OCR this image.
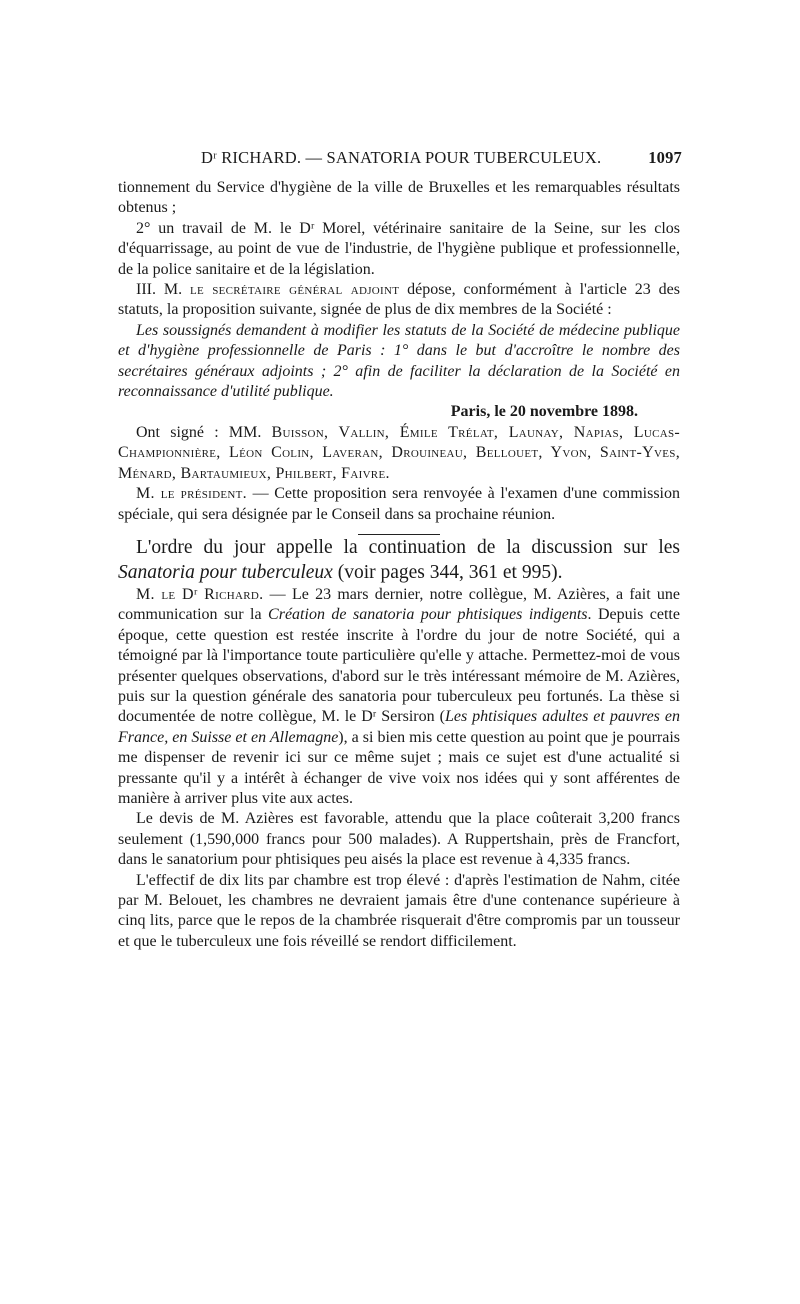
Dʳ RICHARD. — SANATORIA POUR TUBERCULEUX.	1097

tionnement du Service d'hygiène de la ville de Bruxelles et les remarquables résultats obtenus ;

2° un travail de M. le Dʳ Morel, vétérinaire sanitaire de la Seine, sur les clos d'équarrissage, au point de vue de l'industrie, de l'hygiène publique et professionnelle, de la police sanitaire et de la législation.

III. M. le secrétaire général adjoint dépose, conformément à l'article 23 des statuts, la proposition suivante, signée de plus de dix membres de la Société :

Les soussignés demandent à modifier les statuts de la Société de médecine publique et d'hygiène professionnelle de Paris : 1° dans le but d'accroître le nombre des secrétaires généraux adjoints ; 2° afin de faciliter la déclaration de la Société en reconnaissance d'utilité publique.

Paris, le 20 novembre 1898.

Ont signé : MM. Buisson, Vallin, Émile Trélat, Launay, Napias, Lucas-Championnière, Léon Colin, Laveran, Drouineau, Bellouet, Yvon, Saint-Yves, Ménard, Bartaumieux, Philbert, Faivre.

M. le président. — Cette proposition sera renvoyée à l'examen d'une commission spéciale, qui sera désignée par le Conseil dans sa prochaine réunion.

L'ordre du jour appelle la continuation de la discussion sur les Sanatoria pour tuberculeux (voir pages 344, 361 et 995).

M. le Dʳ Richard. — Le 23 mars dernier, notre collègue, M. Azières, a fait une communication sur la Création de sanatoria pour phtisiques indigents. Depuis cette époque, cette question est restée inscrite à l'ordre du jour de notre Société, qui a témoigné par là l'importance toute particulière qu'elle y attache. Permettez-moi de vous présenter quelques observations, d'abord sur le très intéressant mémoire de M. Azières, puis sur la question générale des sanatoria pour tuberculeux peu fortunés. La thèse si documentée de notre collègue, M. le Dʳ Sersiron (Les phtisiques adultes et pauvres en France, en Suisse et en Allemagne), a si bien mis cette question au point que je pourrais me dispenser de revenir ici sur ce même sujet ; mais ce sujet est d'une actualité si pressante qu'il y a intérêt à échanger de vive voix nos idées qui y sont afférentes de manière à arriver plus vite aux actes.

Le devis de M. Azières est favorable, attendu que la place coûterait 3,200 francs seulement (1,590,000 francs pour 500 malades). A Ruppertshain, près de Francfort, dans le sanatorium pour phtisiques peu aisés la place est revenue à 4,335 francs.

L'effectif de dix lits par chambre est trop élevé : d'après l'estimation de Nahm, citée par M. Belouet, les chambres ne devraient jamais être d'une contenance supérieure à cinq lits, parce que le repos de la chambrée risquerait d'être compromis par un tousseur et que le tuberculeux une fois réveillé se rendort difficilement.
